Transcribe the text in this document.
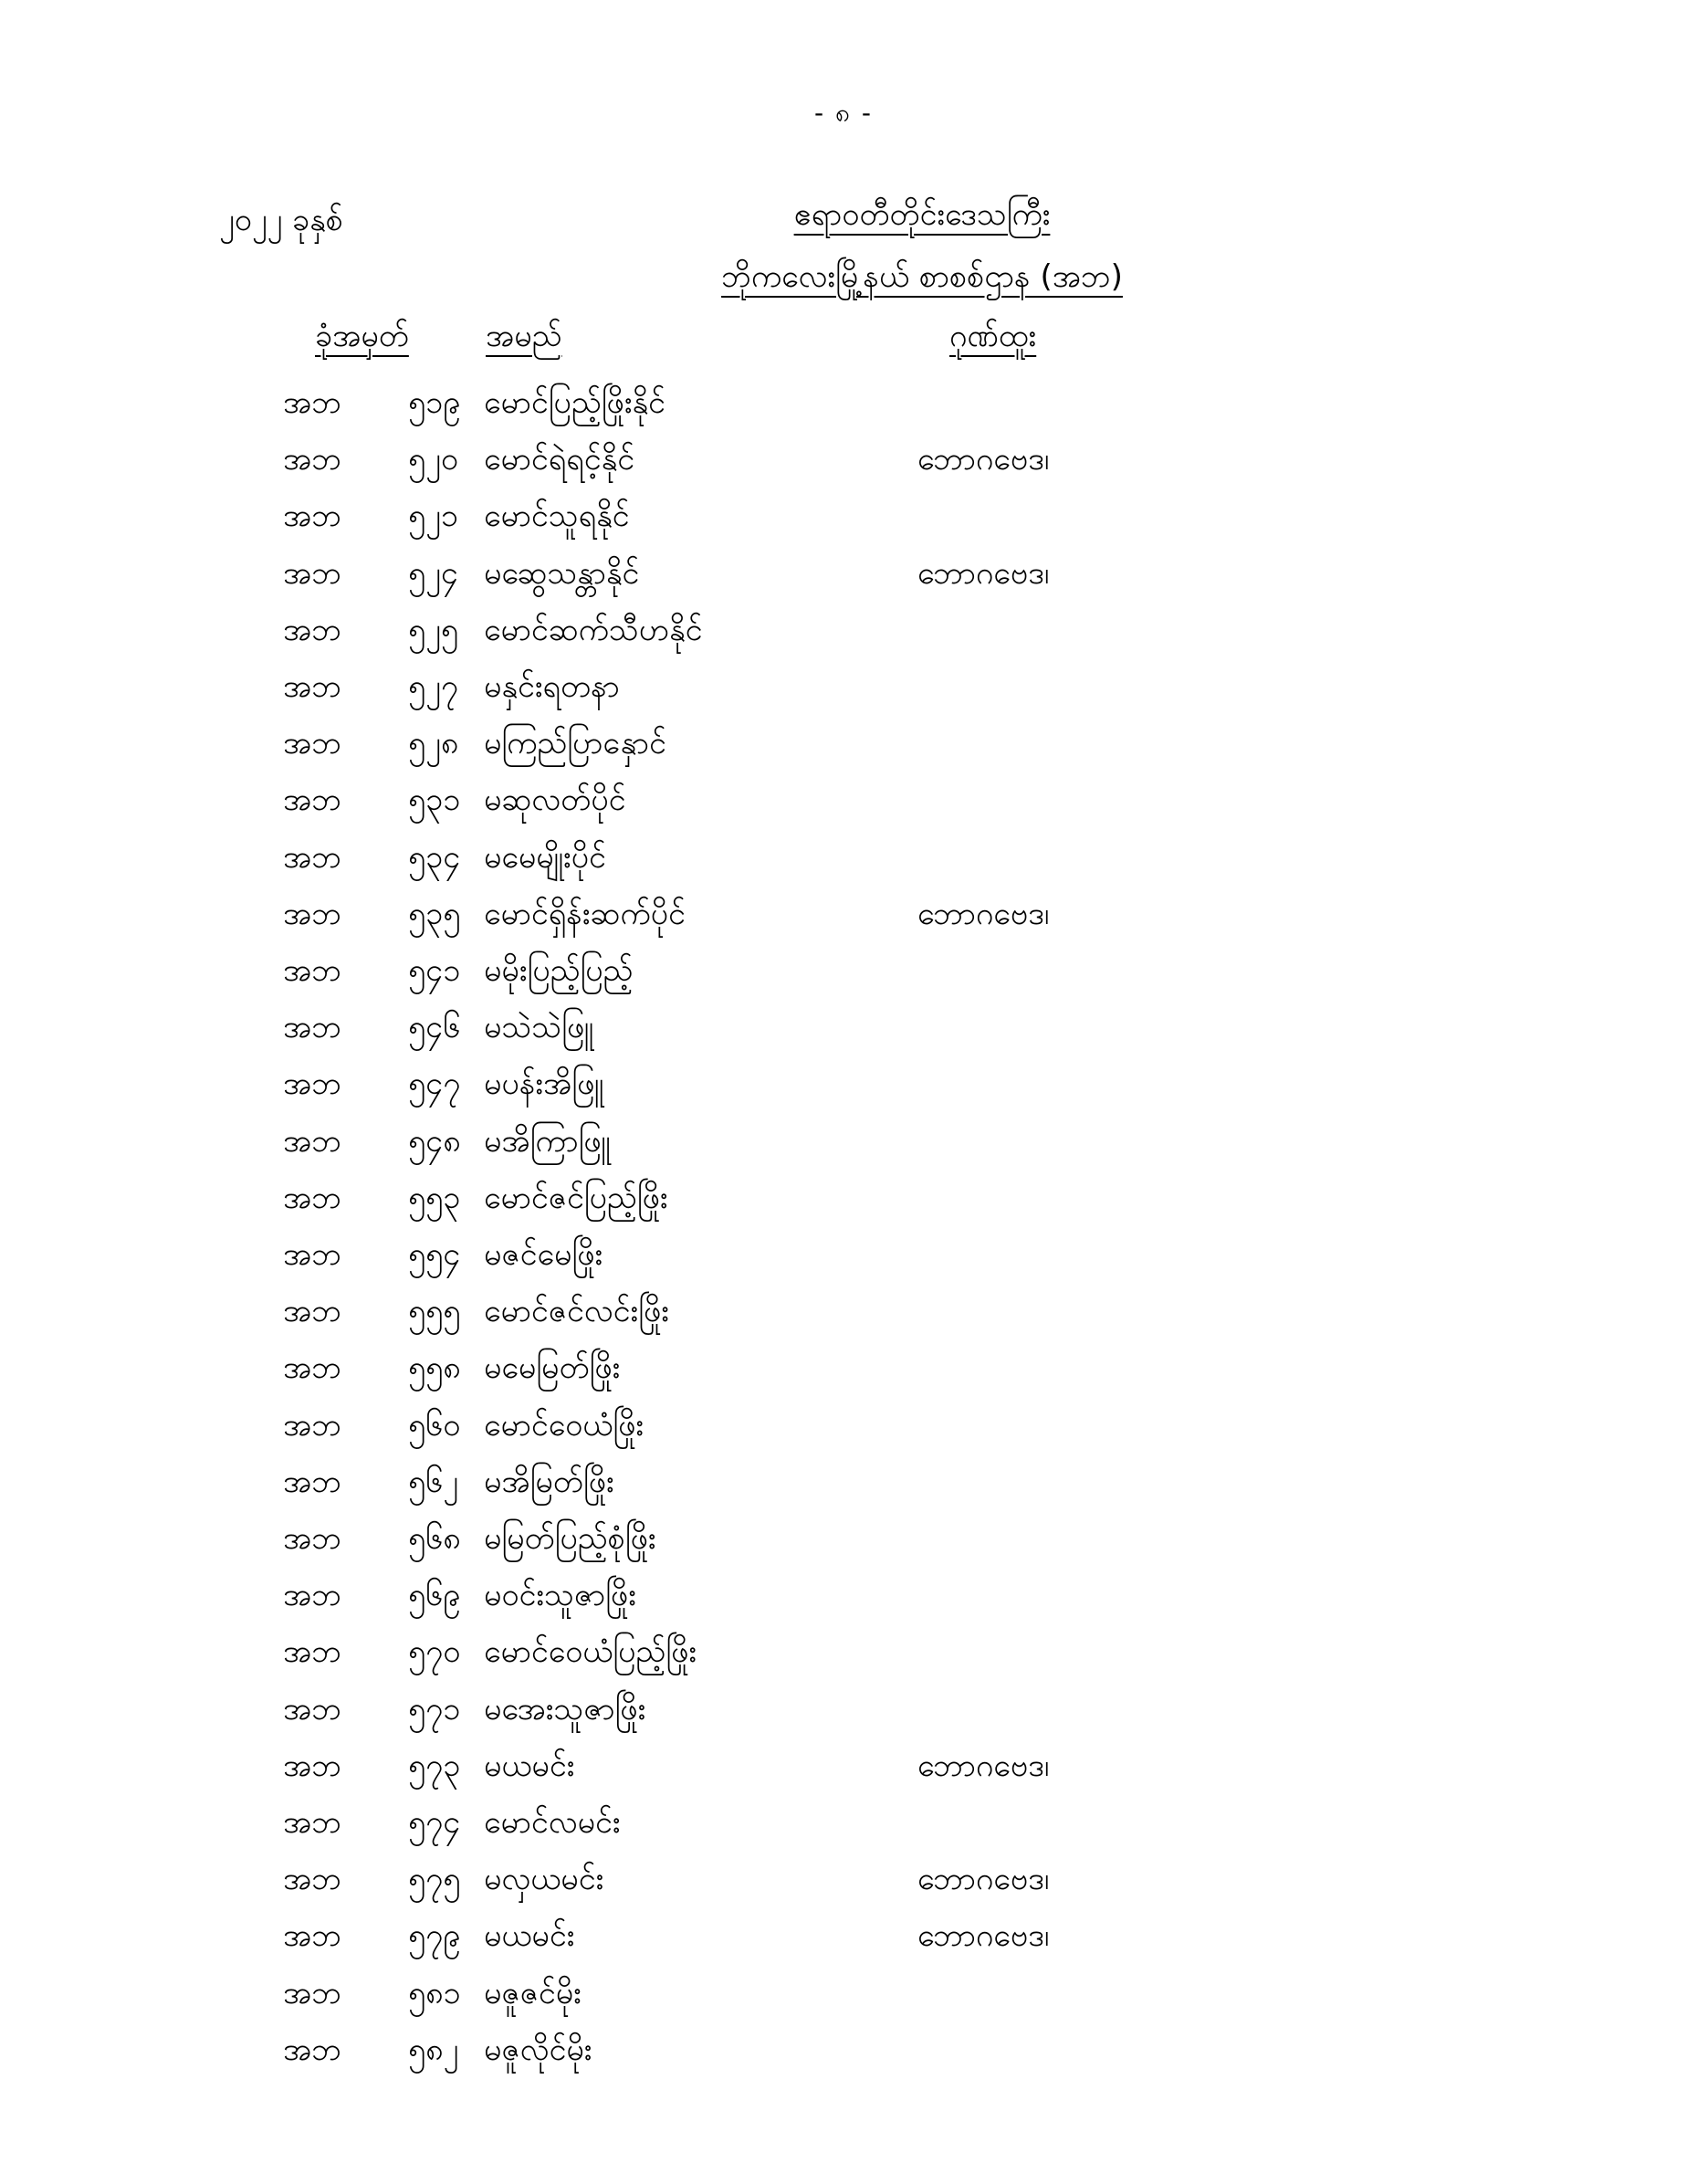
- ၈ -
၂၀၂၂ ခုနှစ်	ဧရာဝတီတိုင်းဒေသကြီး
ဘိုကလေးမြို့နယ် စာစစ်ဌာန (အဘ)
ခုံအမှတ် အမည်	ဂုဏ်ထူး
အဘ ၅၁၉ မောင်ပြည့်ဖြိုးနိုင်
အဘ ၅၂၀ မောင်ရဲရင့်နိုင်	ဘောဂဗေဒ၊
အဘ ၅၂၁ မောင်သူရနိုင်
အဘ ၅၂၄ မဆွေသန္တာနိုင်	ဘောဂဗေဒ၊
အဘ ၅၂၅ မောင်ဆက်သီဟနိုင်
အဘ ၅၂၇ မနှင်းရတနာ
အဘ ၅၂၈ မကြည်ပြာနှောင်
အဘ ၅၃၁ မဆုလတ်ပိုင်
အဘ ၅၃၄ မမေမျိုးပိုင်
အဘ ၅၃၅ မောင်ရှိန်းဆက်ပိုင်	ဘောဂဗေဒ၊
အဘ ၅၄၁ မမိုးပြည့်ပြည့်
အဘ ၅၄၆ မသဲသဲဖြူ
အဘ ၅၄၇ မပန်းအိဖြူ
အဘ ၅၄၈ မအိကြာဖြူ
အဘ ၅၅၃ မောင်ဇင်ပြည့်ဖြိုး
အဘ ၅၅၄ မဇင်မေဖြိုး
အဘ ၅၅၅ မောင်ဇင်လင်းဖြိုး
အဘ ၅၅၈ မမေမြတ်ဖြိုး
အဘ ၅၆၀ မောင်ဝေယံဖြိုး
အဘ ၅၆၂ မအိမြတ်ဖြိုး
အဘ ၅၆၈ မမြတ်ပြည့်စုံဖြိုး
အဘ ၅၆၉ မဝင်းသူဇာဖြိုး
အဘ ၅၇၀ မောင်ဝေယံပြည့်ဖြိုး
အဘ ၅၇၁ မအေးသူဇာဖြိုး
အဘ ၅၇၃ မယမင်း	ဘောဂဗေဒ၊
အဘ ၅၇၄ မောင်လမင်း
အဘ ၅၇၅ မလှယမင်း	ဘောဂဗေဒ၊
အဘ ၅၇၉ မယမင်း	ဘောဂဗေဒ၊
အဘ ၅၈၁ မဇူဇင်မိုး
အဘ ၅၈၂ မဇူလိုင်မိုး
